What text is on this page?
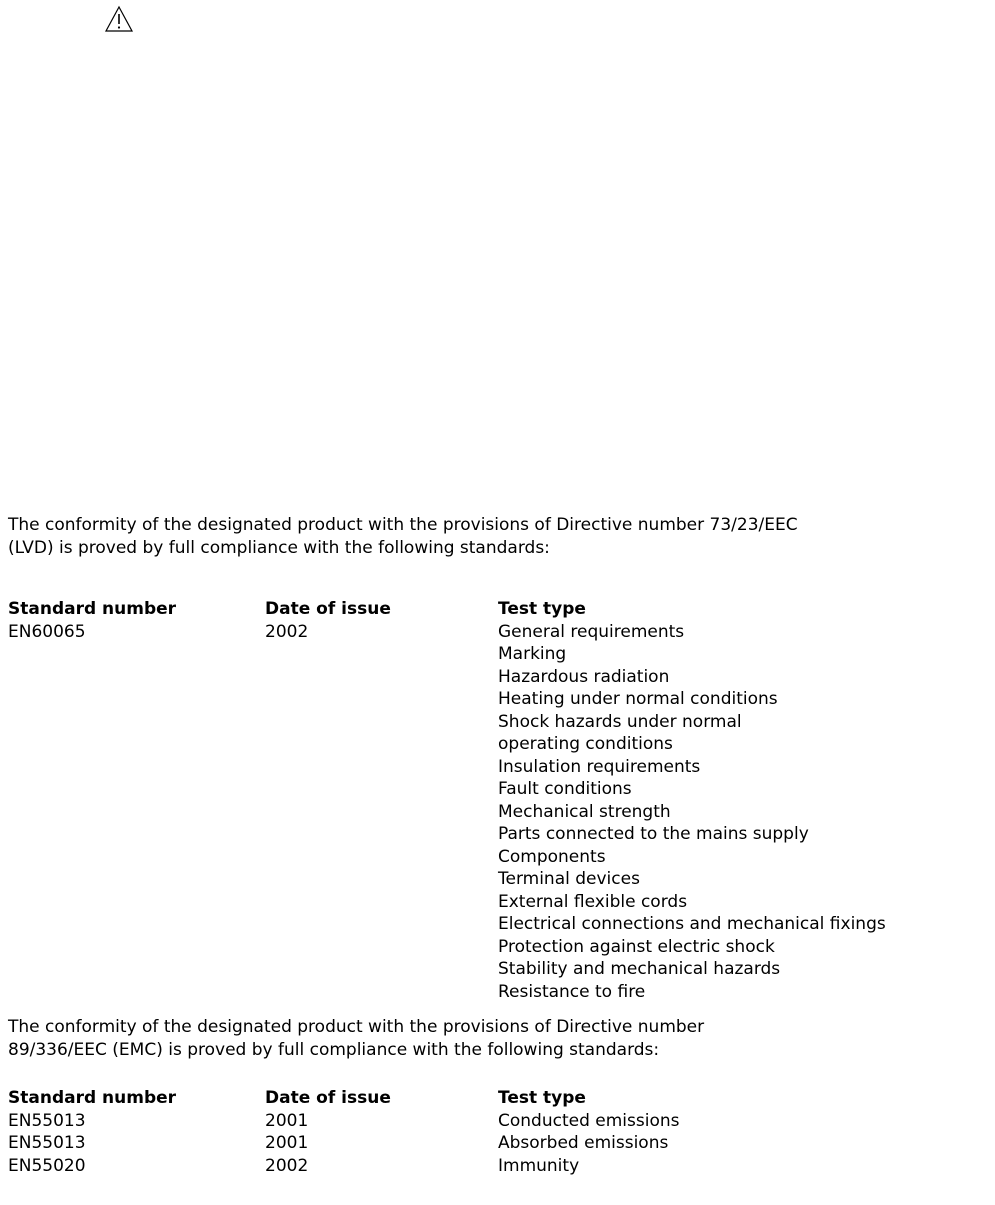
The conformity of the designated product with the provisions of Directive number 73/23/EEC
(LVD) is proved by full compliance with the following standards:

Standard number	Date of issue	Test type
EN60065	2002	General requirements
Marking
Hazardous radiation
Heating under normal conditions
Shock hazards under normal
operating conditions
Insulation requirements
Fault conditions
Mechanical strength
Parts connected to the mains supply
Components
Terminal devices
External flexible cords
Electrical connections and mechanical fixings
Protection against electric shock
Stability and mechanical hazards
Resistance to fire

The conformity of the designated product with the provisions of Directive number
89/336/EEC (EMC) is proved by full compliance with the following standards:

Standard number	Date of issue	Test type
EN55013	2001	Conducted emissions
EN55013	2001	Absorbed emissions
EN55020	2002	Immunity
